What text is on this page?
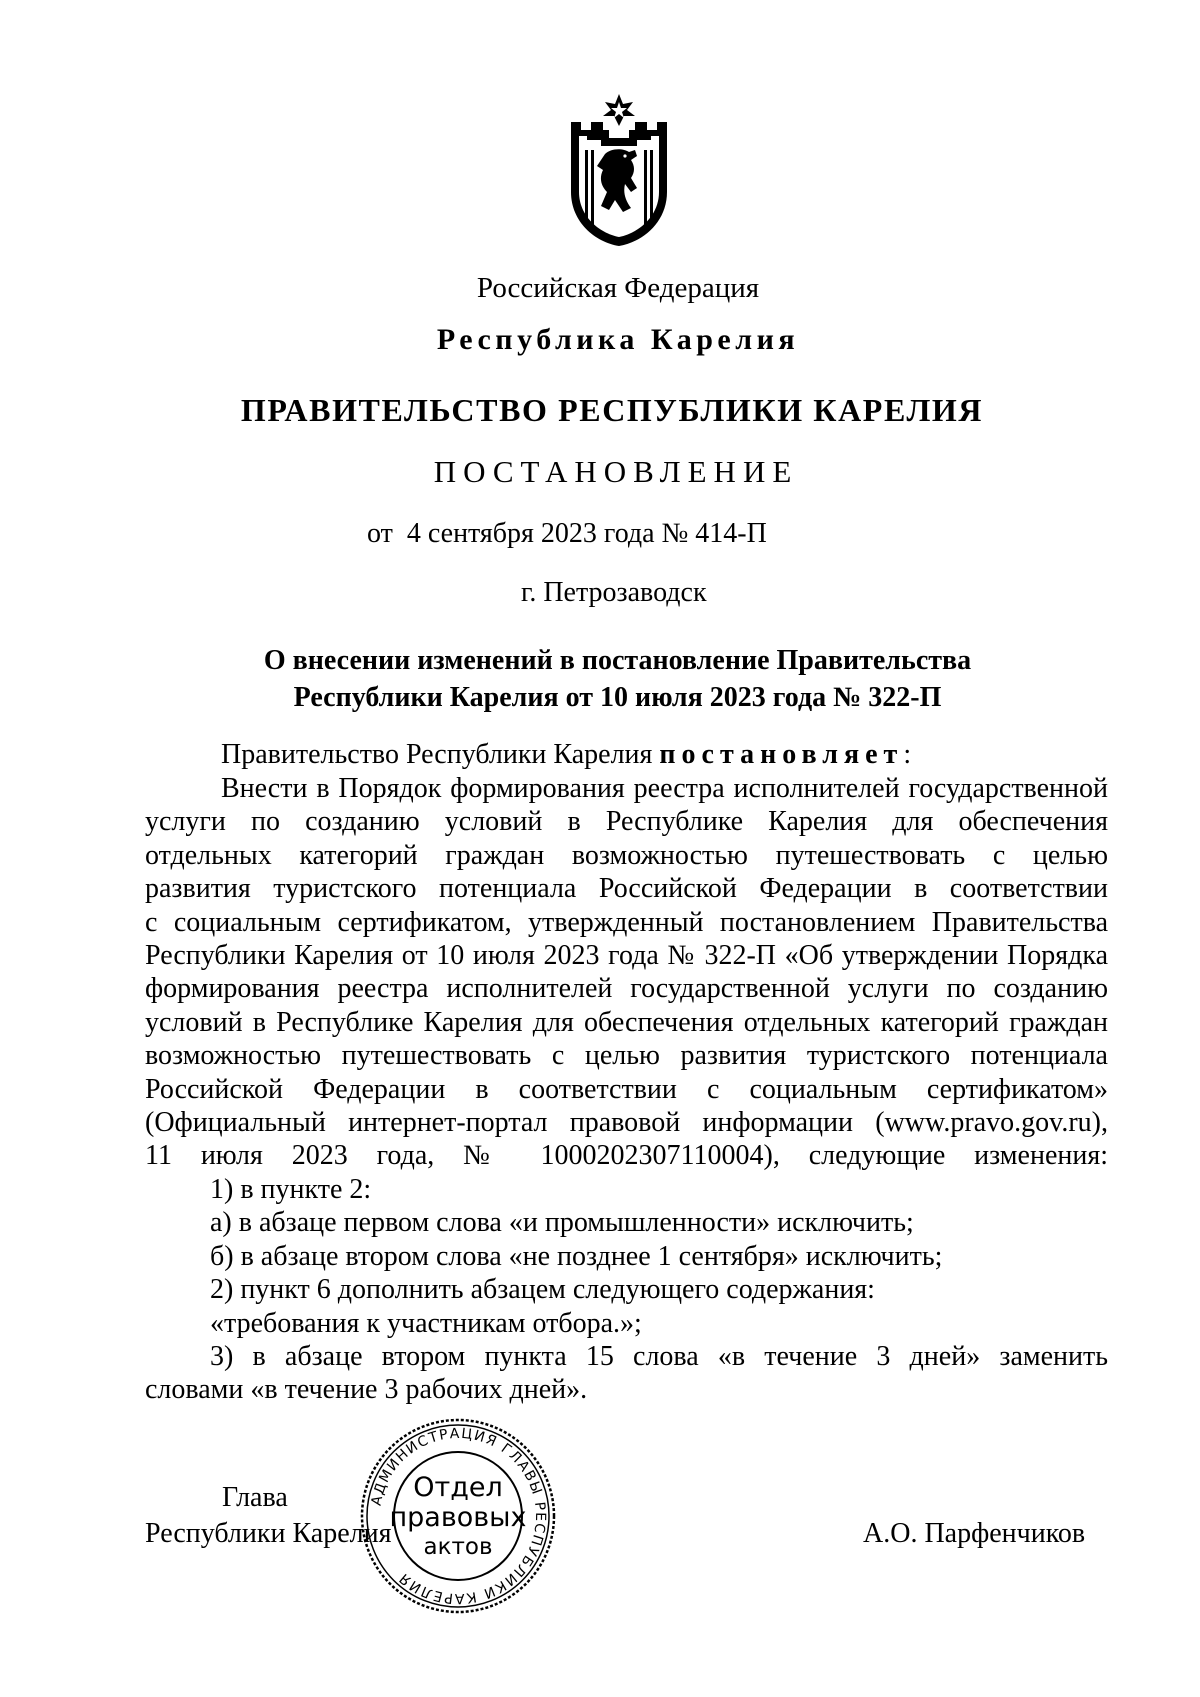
Российская Федерация
Республика Карелия
ПРАВИТЕЛЬСТВО РЕСПУБЛИКИ КАРЕЛИЯ
ПОСТАНОВЛЕНИЕ
от  4 сентября 2023 года № 414-П
г. Петрозаводск
О внесении изменений в постановление Правительства
Республики Карелия от 10 июля 2023 года № 322-П
Правительство Республики Карелия постановляет:
Внести в Порядок формирования реестра исполнителей государственной
услуги по созданию условий в Республике Карелия для обеспечения
отдельных категорий граждан возможностью путешествовать с целью
развития туристского потенциала Российской Федерации в соответствии
с социальным сертификатом, утвержденный постановлением Правительства
Республики Карелия от 10 июля 2023 года № 322-П «Об утверждении Порядка
формирования реестра исполнителей государственной услуги по созданию
условий в Республике Карелия для обеспечения отдельных категорий граждан
возможностью путешествовать с целью развития туристского потенциала
Российской Федерации в соответствии с социальным сертификатом»
(Официальный интернет-портал правовой информации (www.pravo.gov.ru),
11 июля 2023 года, № 1000202307110004), следующие изменения:
1) в пункте 2:
а) в абзаце первом слова «и промышленности» исключить;
б) в абзаце втором слова «не позднее 1 сентября» исключить;
2) пункт 6 дополнить абзацем следующего содержания:
«требования к участникам отбора.»;
3) в абзаце втором пункта 15 слова «в течение 3 дней» заменить
словами «в течение 3 рабочих дней».
Глава
Республики Карелия	А.О. Парфенчиков
АДМИНИСТРАЦИЯ ГЛАВЫ РЕСПУБЛИКИ КАРЕЛИЯ
Отдел
правовых
актов
